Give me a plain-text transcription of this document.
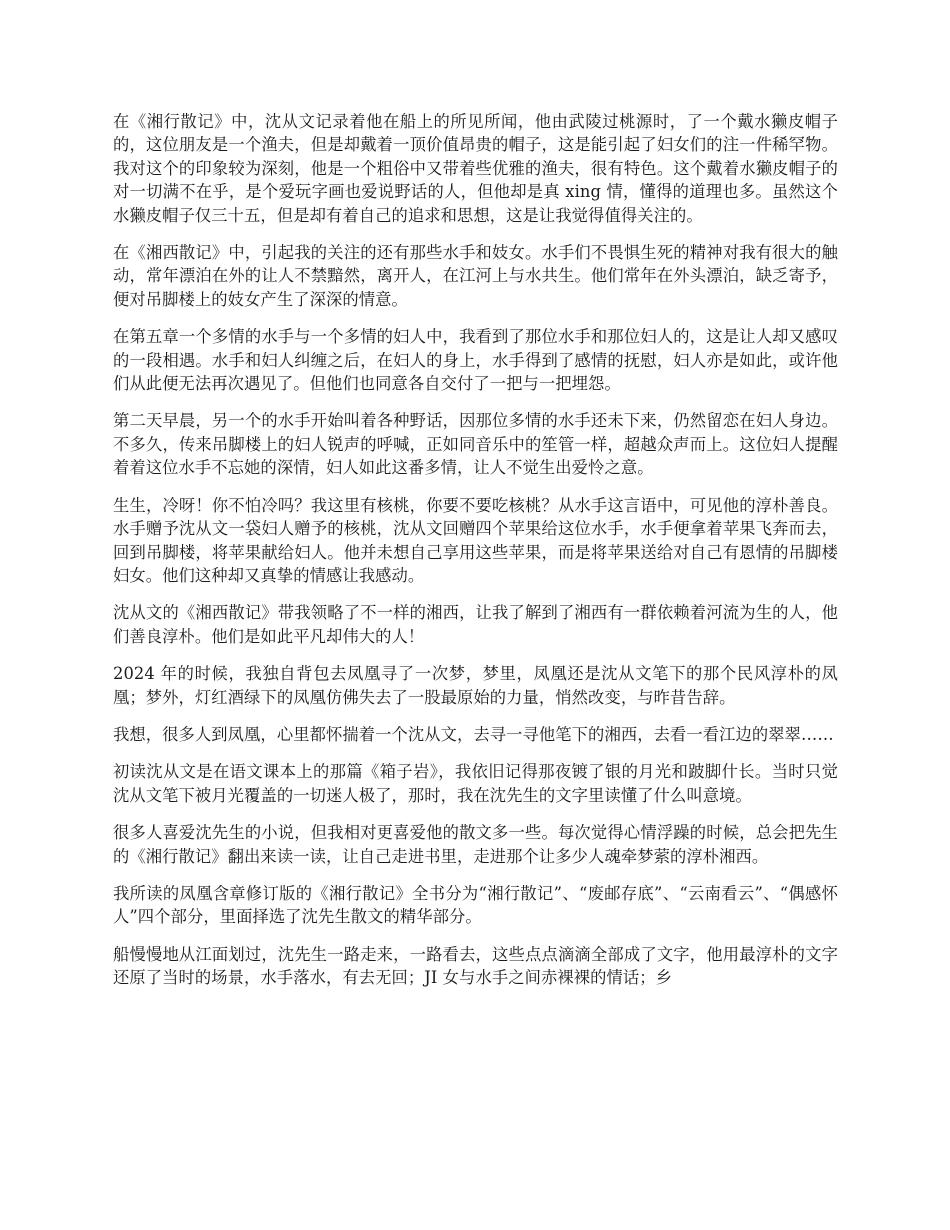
在《湘行散记》中，沈从文记录着他在船上的所见所闻，他由武陵过桃源时，了一个戴水獭皮帽子的，这位朋友是一个渔夫，但是却戴着一顶价值昂贵的帽子，这是能引起了妇女们的注一件稀罕物。我对这个的印象较为深刻，他是一个粗俗中又带着些优雅的渔夫，很有特色。这个戴着水獭皮帽子的对一切满不在乎，是个爱玩字画也爱说野话的人，但他却是真 xing 情，懂得的道理也多。虽然这个水獭皮帽子仅三十五，但是却有着自己的追求和思想，这是让我觉得值得关注的。

在《湘西散记》中，引起我的关注的还有那些水手和妓女。水手们不畏惧生死的精神对我有很大的触动，常年漂泊在外的让人不禁黯然，离开人，在江河上与水共生。他们常年在外头漂泊，缺乏寄予，便对吊脚楼上的妓女产生了深深的情意。

在第五章一个多情的水手与一个多情的妇人中，我看到了那位水手和那位妇人的，这是让人却又感叹的一段相遇。水手和妇人纠缠之后，在妇人的身上，水手得到了感情的抚慰，妇人亦是如此，或许他们从此便无法再次遇见了。但他们也同意各自交付了一把与一把埋怨。

第二天早晨，另一个的水手开始叫着各种野话，因那位多情的水手还未下来，仍然留恋在妇人身边。不多久，传来吊脚楼上的妇人锐声的呼喊，正如同音乐中的笙管一样，超越众声而上。这位妇人提醒着着这位水手不忘她的深情，妇人如此这番多情，让人不觉生出爱怜之意。

生生，冷呀！你不怕冷吗？我这里有核桃，你要不要吃核桃？从水手这言语中，可见他的淳朴善良。水手赠予沈从文一袋妇人赠予的核桃，沈从文回赠四个苹果给这位水手，水手便拿着苹果飞奔而去，回到吊脚楼，将苹果献给妇人。他并未想自己享用这些苹果，而是将苹果送给对自己有恩情的吊脚楼妇女。他们这种却又真挚的情感让我感动。

沈从文的《湘西散记》带我领略了不一样的湘西，让我了解到了湘西有一群依赖着河流为生的人，他们善良淳朴。他们是如此平凡却伟大的人！

2024 年的时候，我独自背包去凤凰寻了一次梦，梦里，凤凰还是沈从文笔下的那个民风淳朴的凤凰；梦外，灯红酒绿下的凤凰仿佛失去了一股最原始的力量，悄然改变，与昨昔告辞。

我想，很多人到凤凰，心里都怀揣着一个沈从文，去寻一寻他笔下的湘西，去看一看江边的翠翠……

初读沈从文是在语文课本上的那篇《箱子岩》，我依旧记得那夜镀了银的月光和跛脚什长。当时只觉沈从文笔下被月光覆盖的一切迷人极了，那时，我在沈先生的文字里读懂了什么叫意境。

很多人喜爱沈先生的小说，但我相对更喜爱他的散文多一些。每次觉得心情浮躁的时候，总会把先生的《湘行散记》翻出来读一读，让自己走进书里，走进那个让多少人魂牵梦萦的淳朴湘西。

我所读的凤凰含章修订版的《湘行散记》全书分为“湘行散记”、“废邮存底”、“云南看云”、“偶感怀人”四个部分，里面择选了沈先生散文的精华部分。

船慢慢地从江面划过，沈先生一路走来，一路看去，这些点点滴滴全部成了文字，他用最淳朴的文字还原了当时的场景，水手落水，有去无回；JI 女与水手之间赤裸裸的情话；乡
